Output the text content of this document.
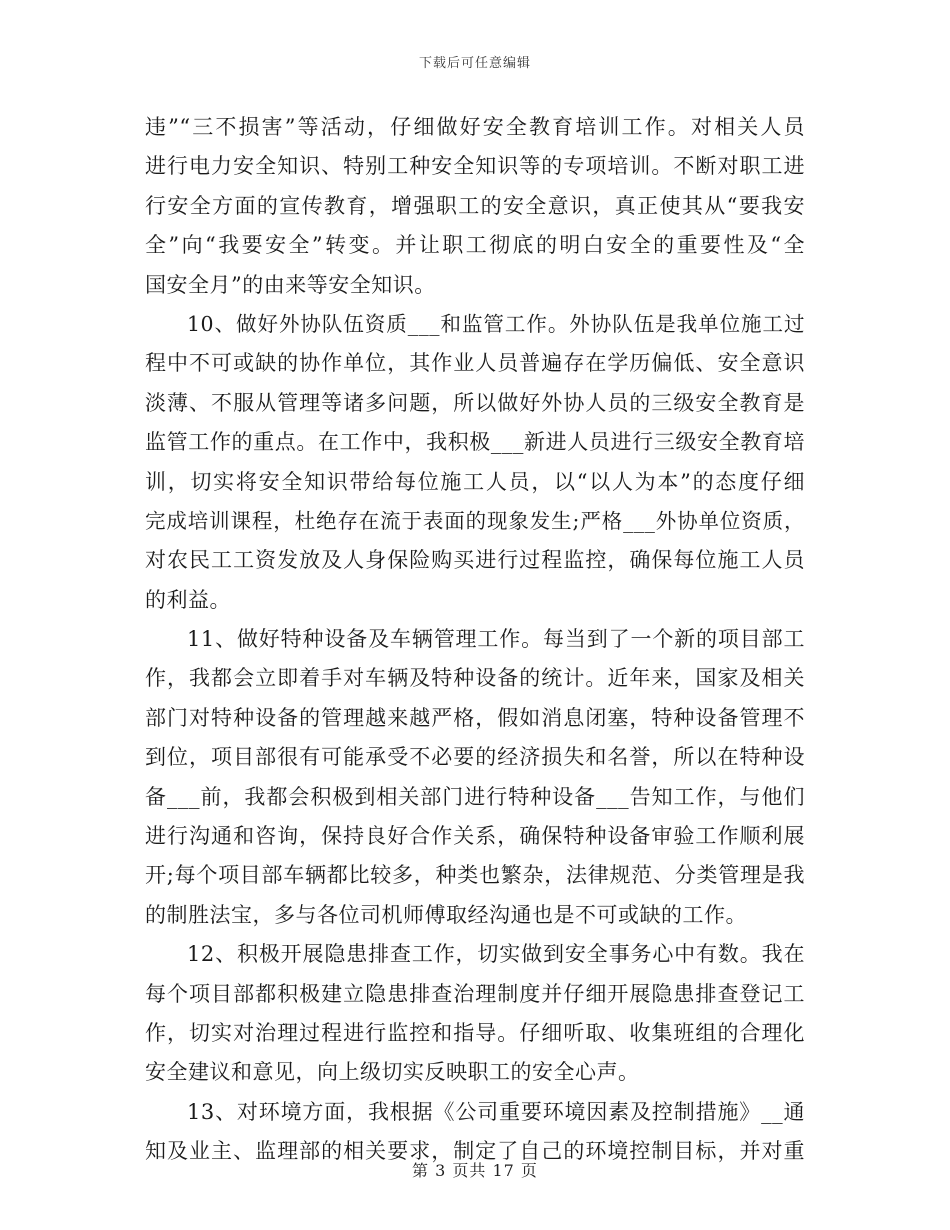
下载后可任意编辑
违”“三不损害”等活动，仔细做好安全教育培训工作。对相关人员
进行电力安全知识、特别工种安全知识等的专项培训。不断对职工进
行安全方面的宣传教育，增强职工的安全意识，真正使其从“要我安
全”向“我要安全”转变。并让职工彻底的明白安全的重要性及“全
国安全月”的由来等安全知识。
10、做好外协队伍资质___和监管工作。外协队伍是我单位施工过
程中不可或缺的协作单位，其作业人员普遍存在学历偏低、安全意识
淡薄、不服从管理等诸多问题，所以做好外协人员的三级安全教育是
监管工作的重点。在工作中，我积极___新进人员进行三级安全教育培
训，切实将安全知识带给每位施工人员，以“以人为本”的态度仔细
完成培训课程，杜绝存在流于表面的现象发生;严格___外协单位资质，
对农民工工资发放及人身保险购买进行过程监控，确保每位施工人员
的利益。
11、做好特种设备及车辆管理工作。每当到了一个新的项目部工
作，我都会立即着手对车辆及特种设备的统计。近年来，国家及相关
部门对特种设备的管理越来越严格，假如消息闭塞，特种设备管理不
到位，项目部很有可能承受不必要的经济损失和名誉，所以在特种设
备___前，我都会积极到相关部门进行特种设备___告知工作，与他们
进行沟通和咨询，保持良好合作关系，确保特种设备审验工作顺利展
开;每个项目部车辆都比较多，种类也繁杂，法律规范、分类管理是我
的制胜法宝，多与各位司机师傅取经沟通也是不可或缺的工作。
12、积极开展隐患排查工作，切实做到安全事务心中有数。我在
每个项目部都积极建立隐患排查治理制度并仔细开展隐患排查登记工
作，切实对治理过程进行监控和指导。仔细听取、收集班组的合理化
安全建议和意见，向上级切实反映职工的安全心声。
13、对环境方面，我根据《公司重要环境因素及控制措施》__通
知及业主、监理部的相关要求，制定了自己的环境控制目标，并对重
第 3 页共 17 页
